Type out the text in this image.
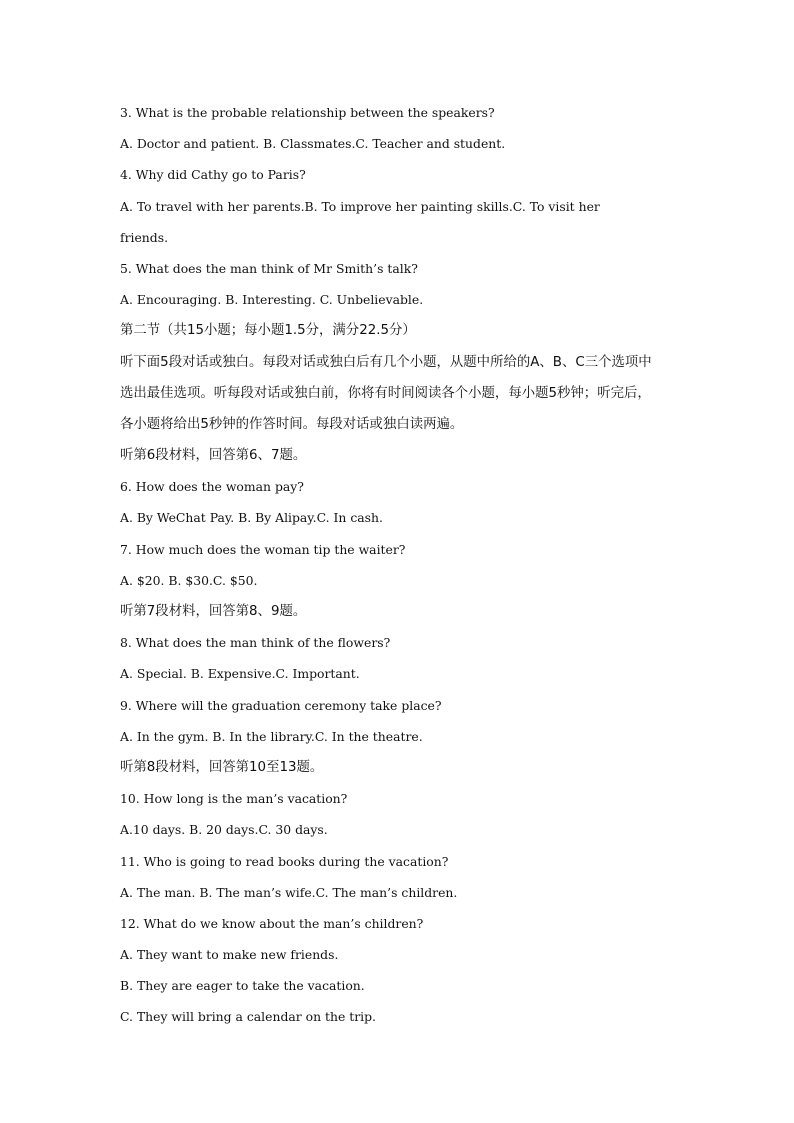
3. What is the probable relationship between the speakers?
A. Doctor and patient. B. Classmates.C. Teacher and student.
4. Why did Cathy go to Paris?
A. To travel with her parents.B. To improve her painting skills.C. To visit her
friends.
5. What does the man think of Mr Smith’s talk?
A. Encouraging. B. Interesting. C. Unbelievable.
第二节（共15小题；每小题1.5分，满分22.5分）
听下面5段对话或独白。每段对话或独白后有几个小题，从题中所给的A、B、C三个选项中
选出最佳选项。听每段对话或独白前，你将有时间阅读各个小题，每小题5秒钟；听完后，
各小题将给出5秒钟的作答时间。每段对话或独白读两遍。
听第6段材料，回答第6、7题。
6. How does the woman pay?
A. By WeChat Pay. B. By Alipay.C. In cash.
7. How much does the woman tip the waiter?
A. $20. B. $30.C. $50.
听第7段材料，回答第8、9题。
8. What does the man think of the flowers?
A. Special. B. Expensive.C. Important.
9. Where will the graduation ceremony take place?
A. In the gym. B. In the library.C. In the theatre.
听第8段材料，回答第10至13题。
10. How long is the man’s vacation?
A.10 days. B. 20 days.C. 30 days.
11. Who is going to read books during the vacation?
A. The man. B. The man’s wife.C. The man’s children.
12. What do we know about the man’s children?
A. They want to make new friends.
B. They are eager to take the vacation.
C. They will bring a calendar on the trip.
